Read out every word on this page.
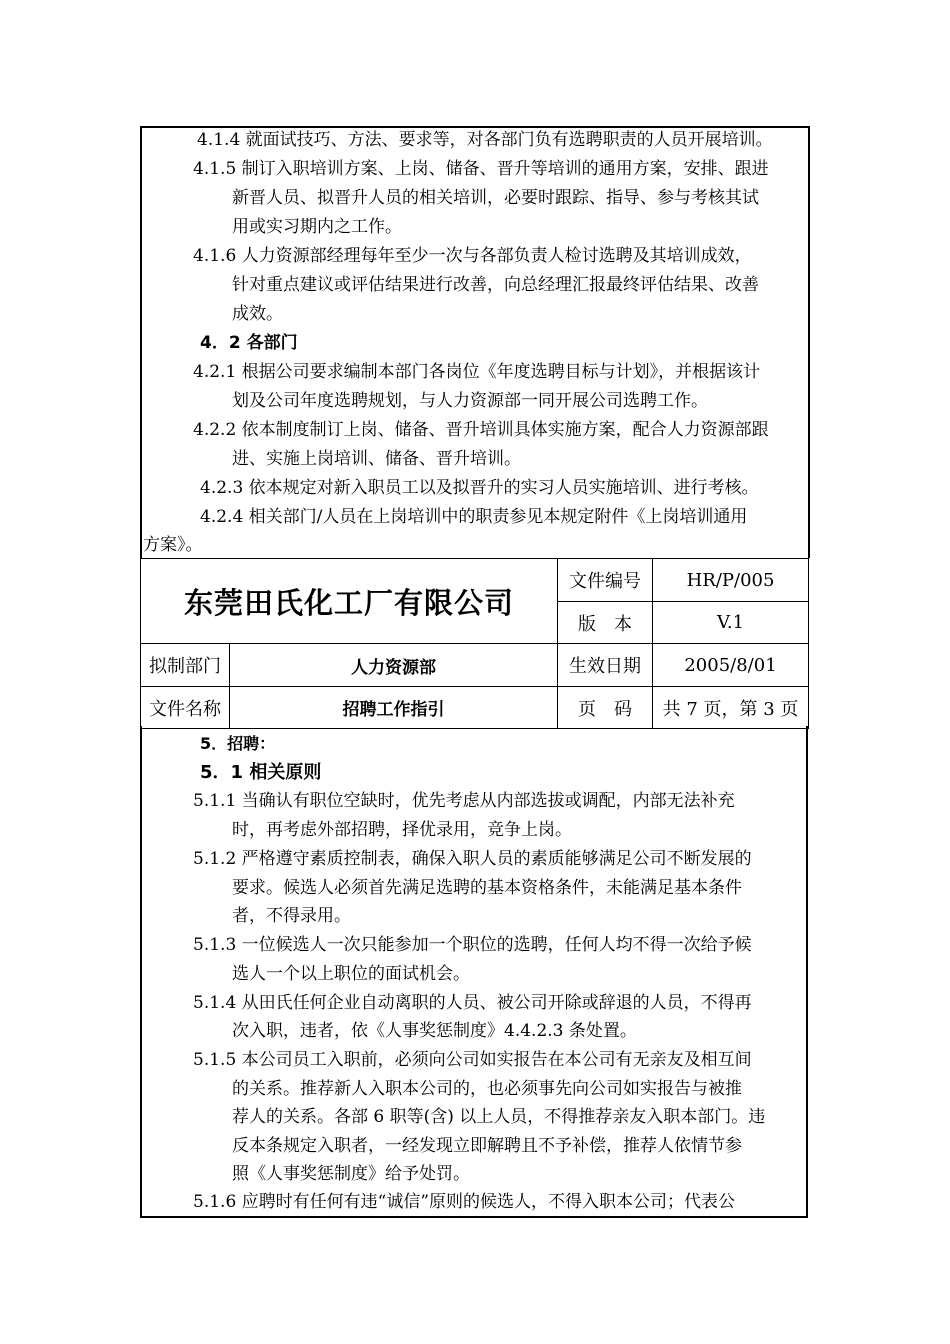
4.1.4 就面试技巧、方法、要求等，对各部门负有选聘职责的人员开展培训。
4.1.5 制订入职培训方案、上岗、储备、晋升等培训的通用方案，安排、跟进
新晋人员、拟晋升人员的相关培训，必要时跟踪、指导、参与考核其试
用或实习期内之工作。
4.1.6 人力资源部经理每年至少一次与各部负责人检讨选聘及其培训成效，
针对重点建议或评估结果进行改善，向总经理汇报最终评估结果、改善
成效。
4．2 各部门
4.2.1 根据公司要求编制本部门各岗位《年度选聘目标与计划》，并根据该计
划及公司年度选聘规划，与人力资源部一同开展公司选聘工作。
4.2.2 依本制度制订上岗、储备、晋升培训具体实施方案，配合人力资源部跟
进、实施上岗培训、储备、晋升培训。
4.2.3 依本规定对新入职员工以及拟晋升的实习人员实施培训、进行考核。
4.2.4 相关部门/人员在上岗培训中的职责参见本规定附件《上岗培训通用
方案》。
东莞田氏化工厂有限公司		文件编号	HR/P/005
		版　本	V.1
拟制部门	人力资源部	生效日期	2005/8/01
文件名称	招聘工作指引	页　码	共 7 页，第 3 页
5．招聘：
5．1 相关原则
5.1.1 当确认有职位空缺时，优先考虑从内部选拔或调配，内部无法补充
时，再考虑外部招聘，择优录用，竞争上岗。
5.1.2 严格遵守素质控制表，确保入职人员的素质能够满足公司不断发展的
要求。候选人必须首先满足选聘的基本资格条件，未能满足基本条件
者，不得录用。
5.1.3 一位候选人一次只能参加一个职位的选聘，任何人均不得一次给予候
选人一个以上职位的面试机会。
5.1.4 从田氏任何企业自动离职的人员、被公司开除或辞退的人员，不得再
次入职，违者，依《人事奖惩制度》4.4.2.3 条处置。
5.1.5 本公司员工入职前，必须向公司如实报告在本公司有无亲友及相互间
的关系。推荐新人入职本公司的，也必须事先向公司如实报告与被推
荐人的关系。各部 6 职等(含) 以上人员，不得推荐亲友入职本部门。违
反本条规定入职者，一经发现立即解聘且不予补偿，推荐人依情节参
照《人事奖惩制度》给予处罚。
5.1.6 应聘时有任何有违“诚信”原则的候选人，不得入职本公司；代表公
